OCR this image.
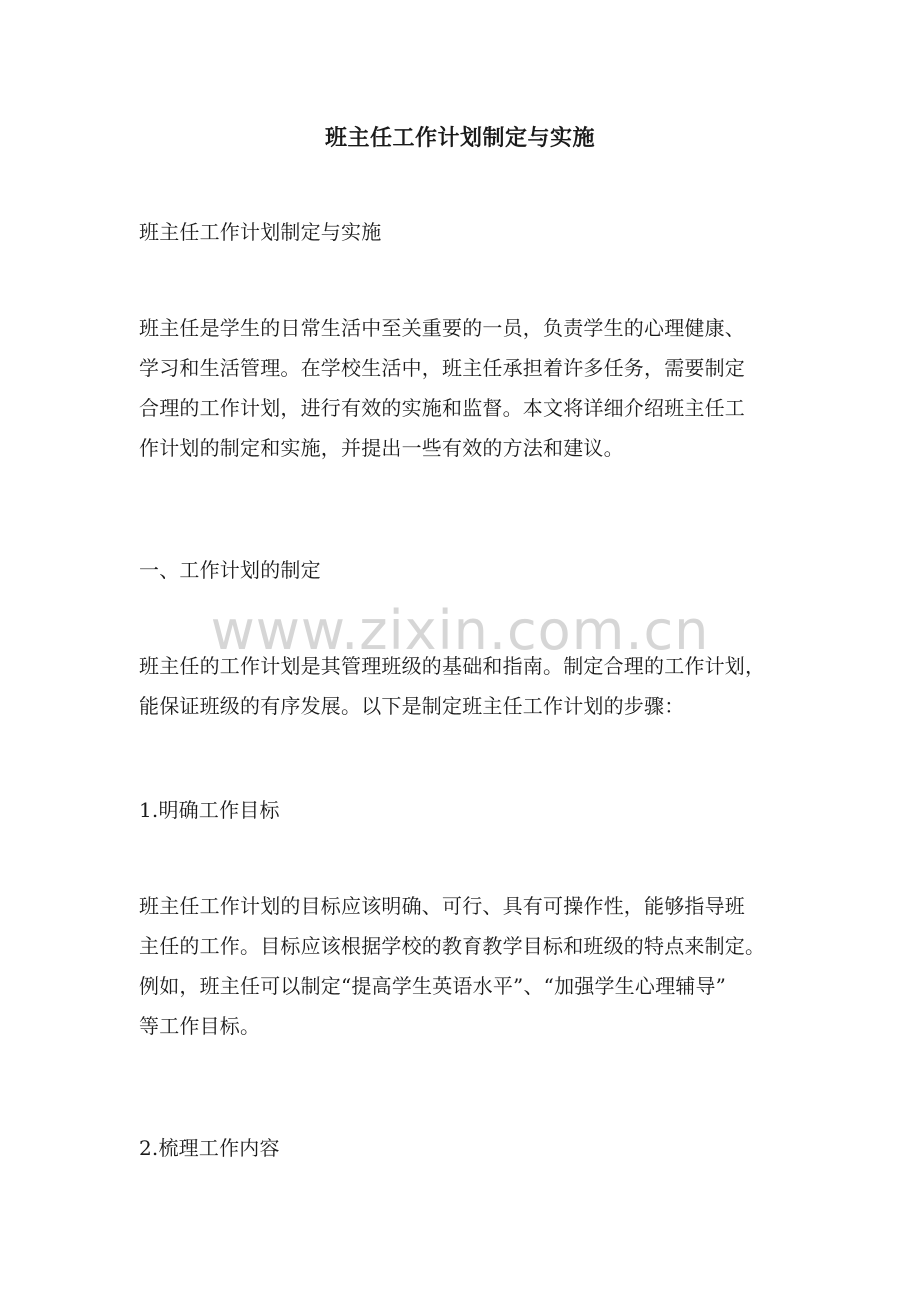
班主任工作计划制定与实施

班主任工作计划制定与实施

班主任是学生的日常生活中至关重要的一员，负责学生的心理健康、
学习和生活管理。在学校生活中，班主任承担着许多任务，需要制定
合理的工作计划，进行有效的实施和监督。本文将详细介绍班主任工
作计划的制定和实施，并提出一些有效的方法和建议。

一、工作计划的制定

班主任的工作计划是其管理班级的基础和指南。制定合理的工作计划，
能保证班级的有序发展。以下是制定班主任工作计划的步骤：

1.明确工作目标

班主任工作计划的目标应该明确、可行、具有可操作性，能够指导班
主任的工作。目标应该根据学校的教育教学目标和班级的特点来制定。
例如，班主任可以制定“提高学生英语水平”、“加强学生心理辅导”
等工作目标。

2.梳理工作内容

www.zixin.com.cn
